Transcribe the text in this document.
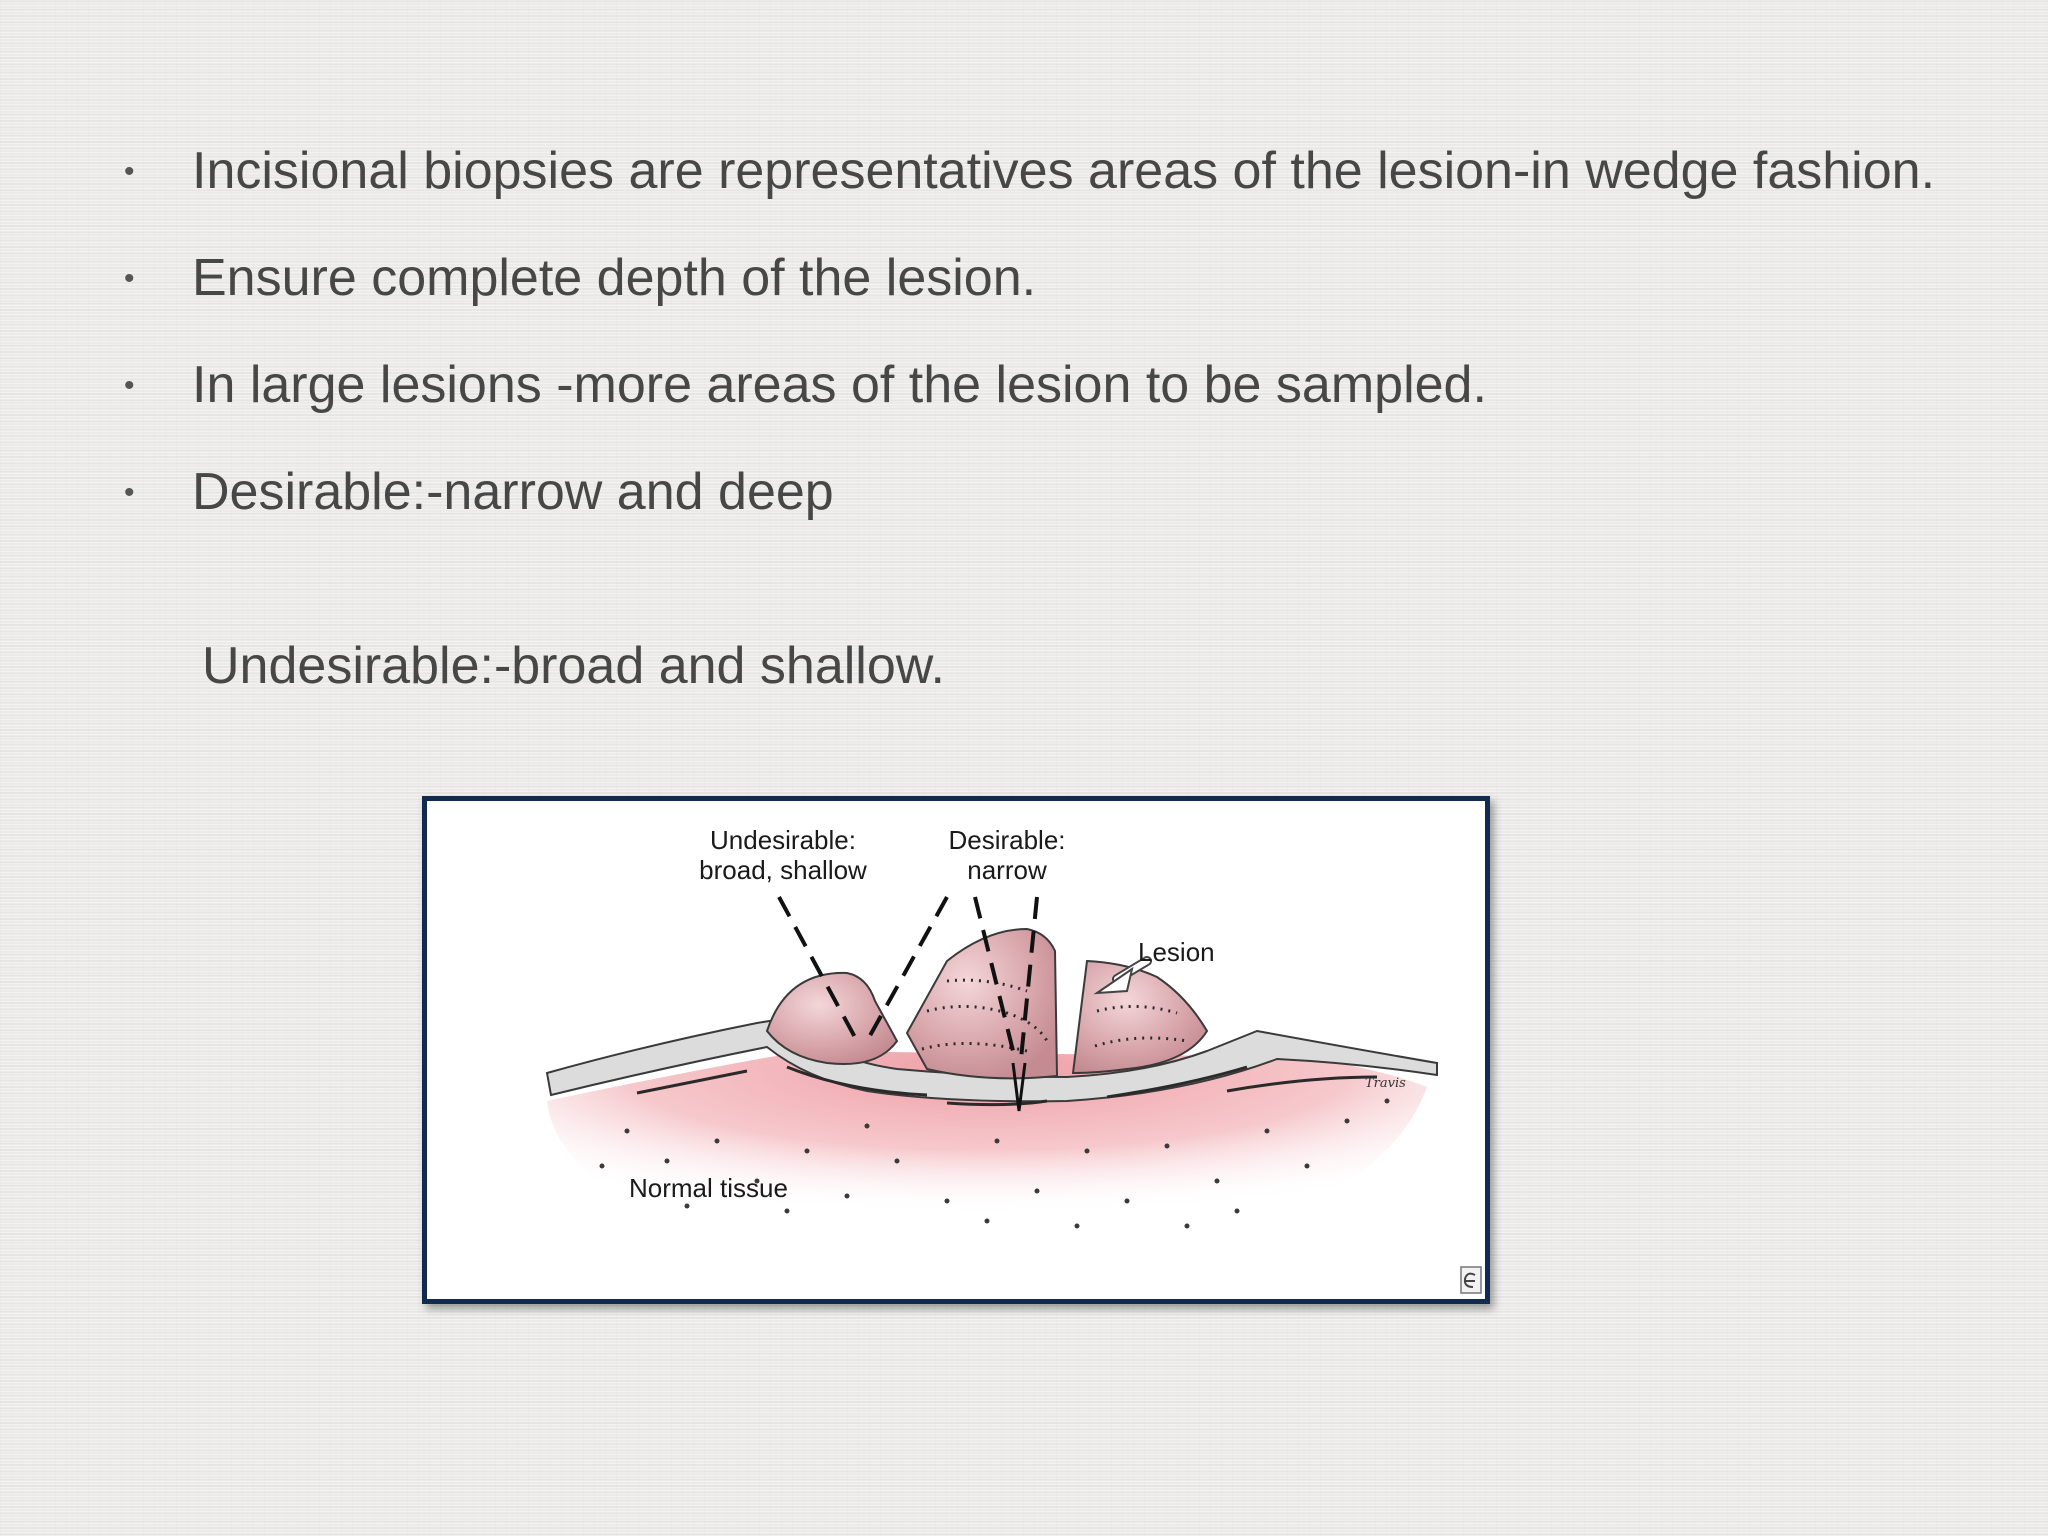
• Incisional biopsies are representatives areas of the lesion-in wedge fashion.
• Ensure complete depth of the lesion.
• In large lesions -more areas of the lesion to be sampled.
• Desirable:-narrow and deep

Undesirable:-broad and shallow.

Undesirable:
broad, shallow
Desirable:
narrow
Lesion
Normal tissue
Travis
